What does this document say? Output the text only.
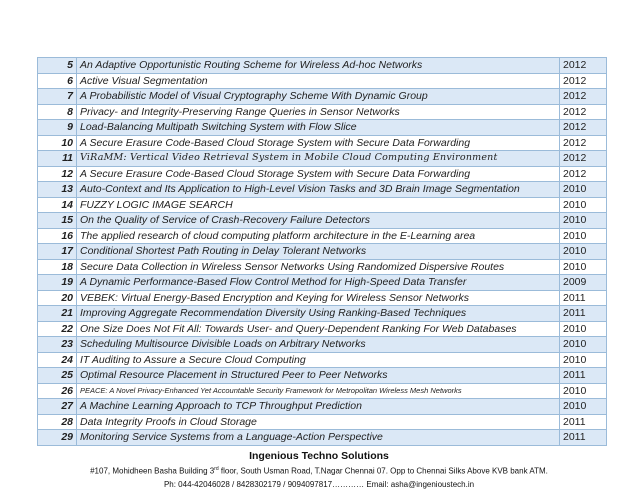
5	An Adaptive Opportunistic Routing Scheme for Wireless Ad-hoc Networks	2012
6	Active Visual Segmentation	2012
7	A Probabilistic Model of Visual Cryptography Scheme With Dynamic Group	2012
8	Privacy- and Integrity-Preserving Range Queries in Sensor Networks	2012
9	Load-Balancing Multipath Switching System with Flow Slice	2012
10	A Secure Erasure Code-Based Cloud Storage System with Secure Data Forwarding	2012
11	ViRaMM: Vertical Video Retrieval System in Mobile Cloud Computing Environment	2012
12	A Secure Erasure Code-Based Cloud Storage System with Secure Data Forwarding	2012
13	Auto-Context and Its Application to High-Level Vision Tasks and 3D Brain Image Segmentation	2010
14	FUZZY LOGIC IMAGE SEARCH	2010
15	On the Quality of Service of Crash-Recovery Failure Detectors	2010
16	The applied research of cloud computing platform architecture in the E-Learning area	2010
17	Conditional Shortest Path Routing in Delay Tolerant Networks	2010
18	Secure Data Collection in Wireless Sensor Networks Using Randomized Dispersive Routes	2010
19	A Dynamic Performance-Based Flow Control Method for High-Speed Data Transfer	2009
20	VEBEK: Virtual Energy-Based Encryption and Keying for Wireless Sensor Networks	2011
21	Improving Aggregate Recommendation Diversity Using Ranking-Based Techniques	2011
22	One Size Does Not Fit All: Towards User- and Query-Dependent Ranking For Web Databases	2010
23	Scheduling Multisource Divisible Loads on Arbitrary Networks	2010
24	IT Auditing to Assure a Secure Cloud Computing	2010
25	Optimal Resource Placement in Structured Peer to Peer Networks	2011
26	PEACE: A Novel Privacy-Enhanced Yet Accountable Security Framework for Metropolitan Wireless Mesh Networks	2010
27	A Machine Learning Approach to TCP Throughput Prediction	2010
28	Data Integrity Proofs in Cloud Storage	2011
29	Monitoring Service Systems from a Language-Action Perspective	2011
Ingenious Techno Solutions
#107, Mohidheen Basha Building 3rd floor, South Usman Road, T.Nagar Chennai 07. Opp to Chennai Silks Above KVB bank ATM.
Ph: 044-42046028 / 8428302179 / 9094097817………… Email: asha@ingenioustech.in
